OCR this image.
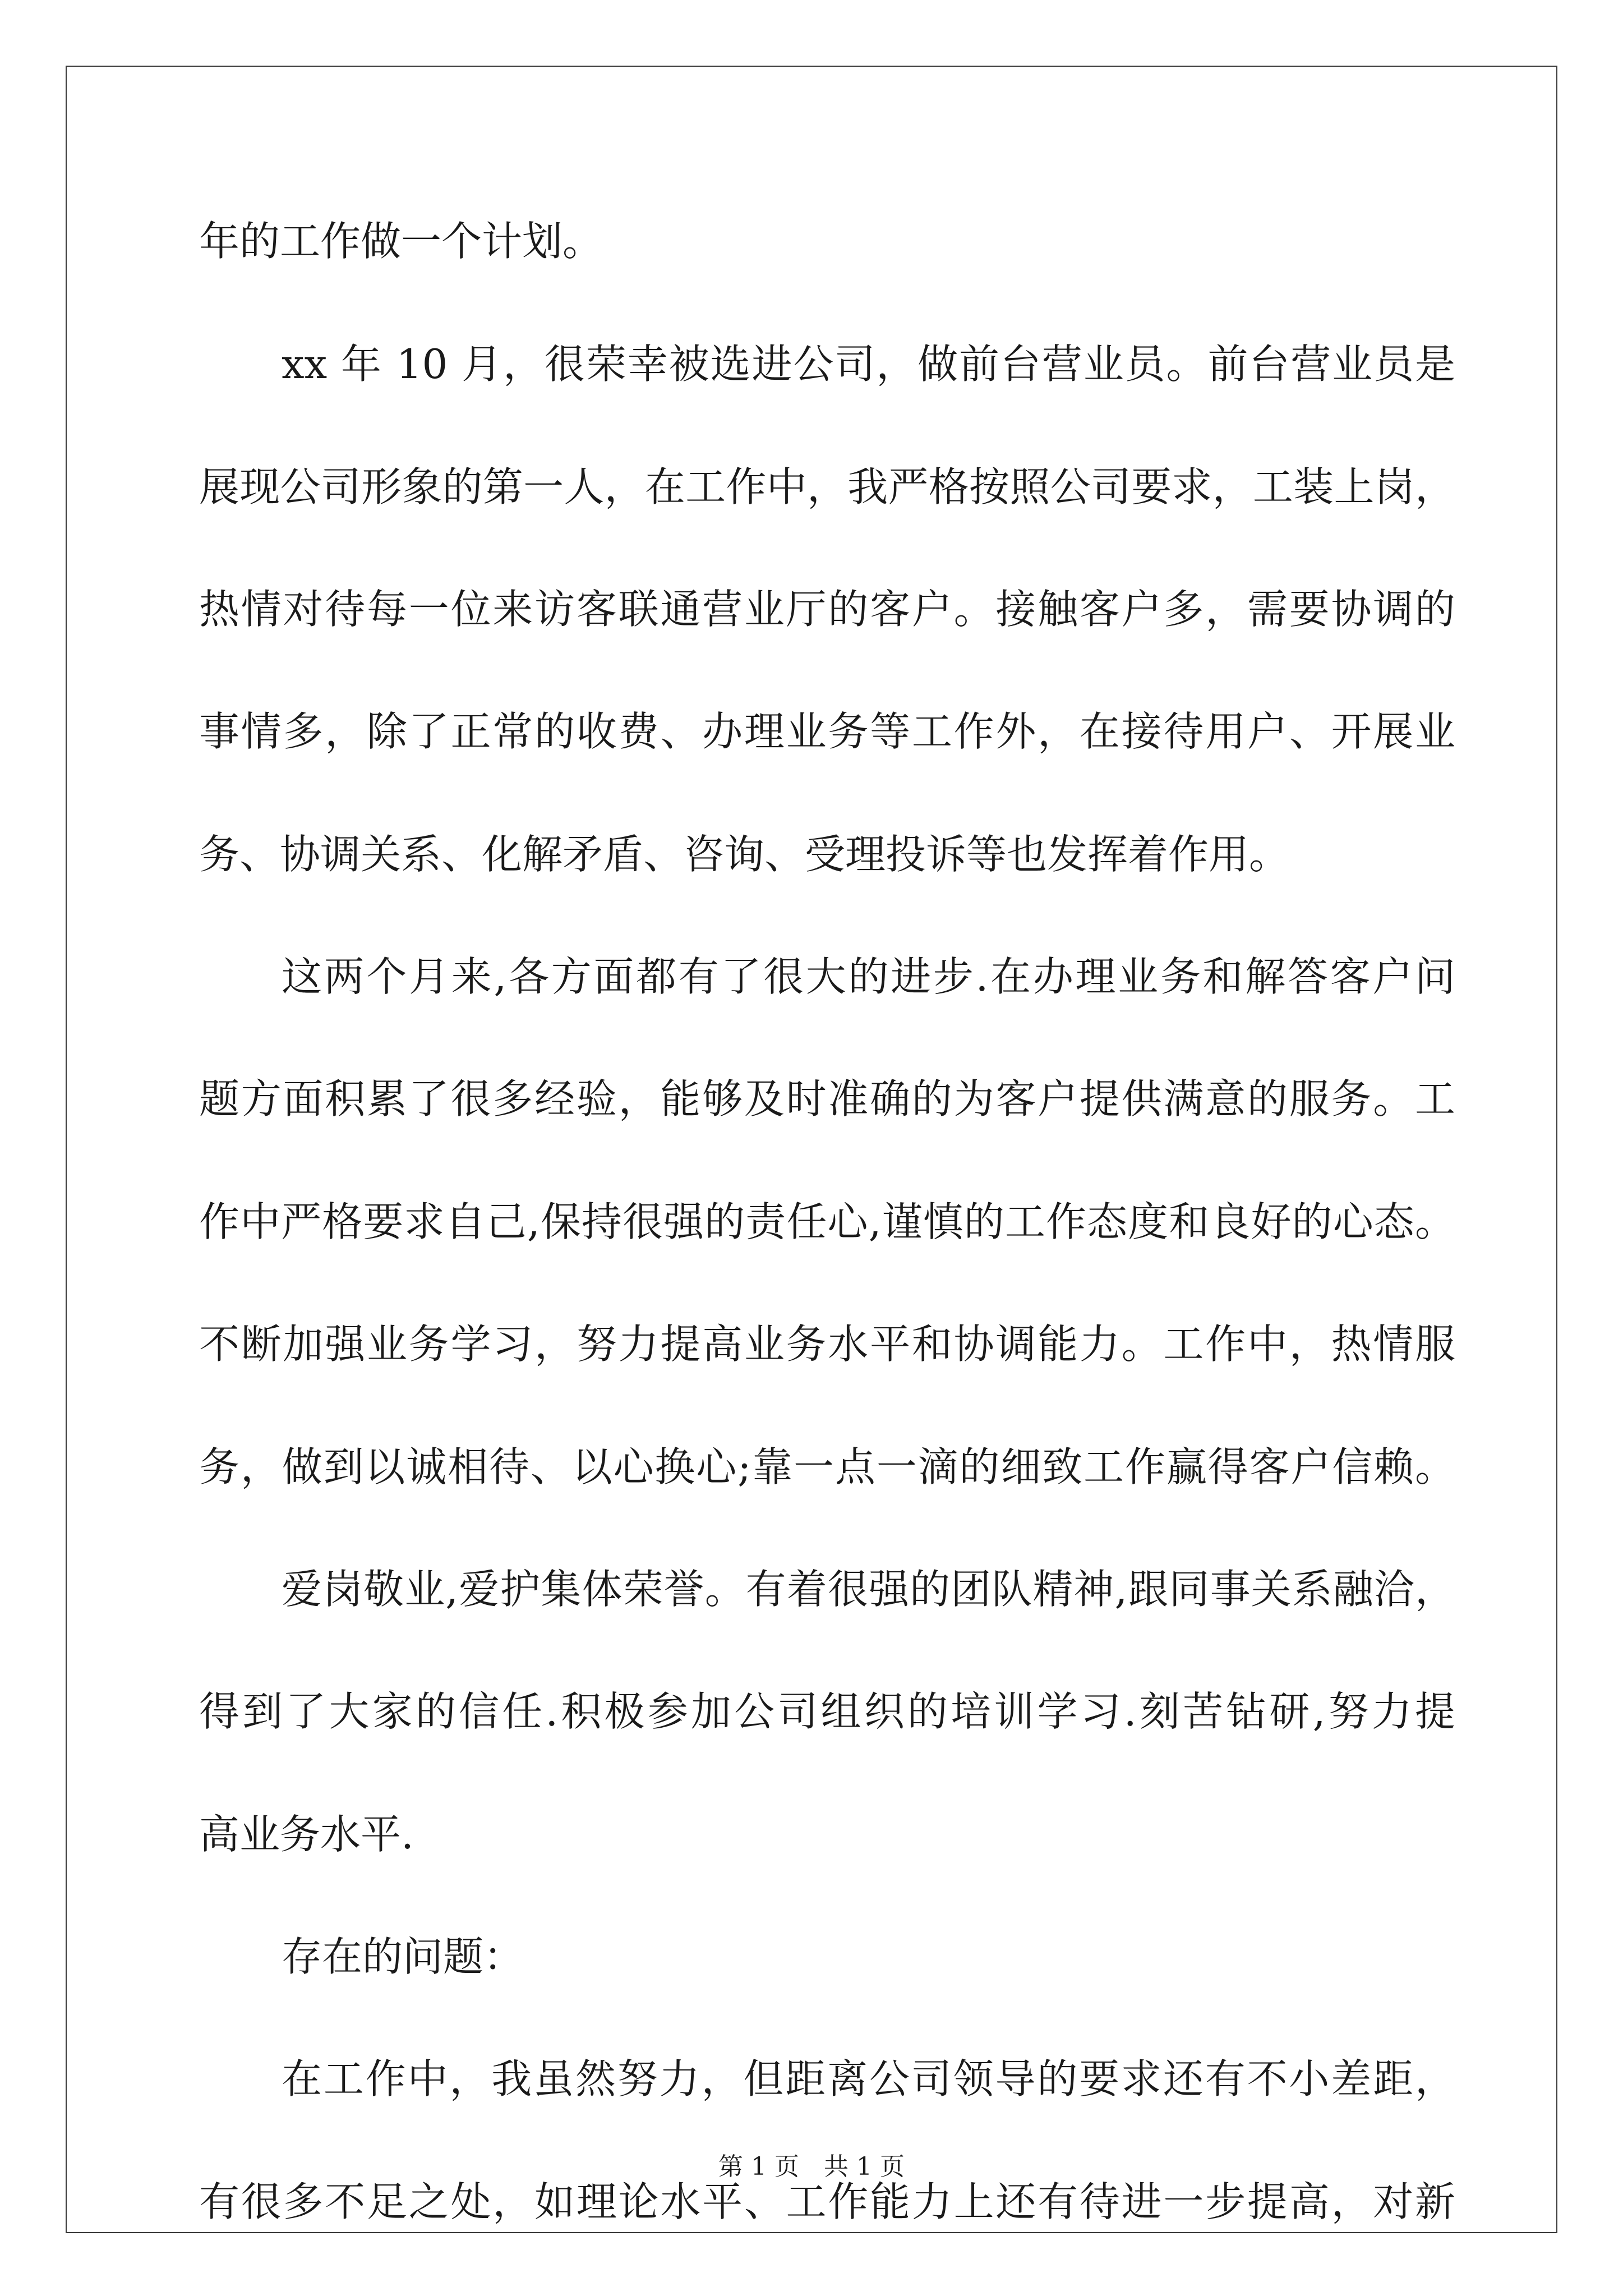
年的工作做一个计划。
xx 年 10 月，很荣幸被选进公司，做前台营业员。前台营业员是
展现公司形象的第一人，在工作中，我严格按照公司要求，工装上岗，
热情对待每一位来访客联通营业厅的客户。接触客户多，需要协调的
事情多，除了正常的收费、办理业务等工作外，在接待用户、开展业
务、协调关系、化解矛盾、咨询、受理投诉等也发挥着作用。
这两个月来,各方面都有了很大的进步.在办理业务和解答客户问
题方面积累了很多经验，能够及时准确的为客户提供满意的服务。工
作中严格要求自己,保持很强的责任心,谨慎的工作态度和良好的心态。
不断加强业务学习，努力提高业务水平和协调能力。工作中，热情服
务，做到以诚相待、以心换心;靠一点一滴的细致工作赢得客户信赖。
爱岗敬业,爱护集体荣誉。有着很强的团队精神,跟同事关系融洽，
得到了大家的信任.积极参加公司组织的培训学习.刻苦钻研,努力提
高业务水平.
存在的问题：
在工作中，我虽然努力，但距离公司领导的要求还有不小差距，
有很多不足之处，如理论水平、工作能力上还有待进一步提高，对新
第 1 页　共 1 页
